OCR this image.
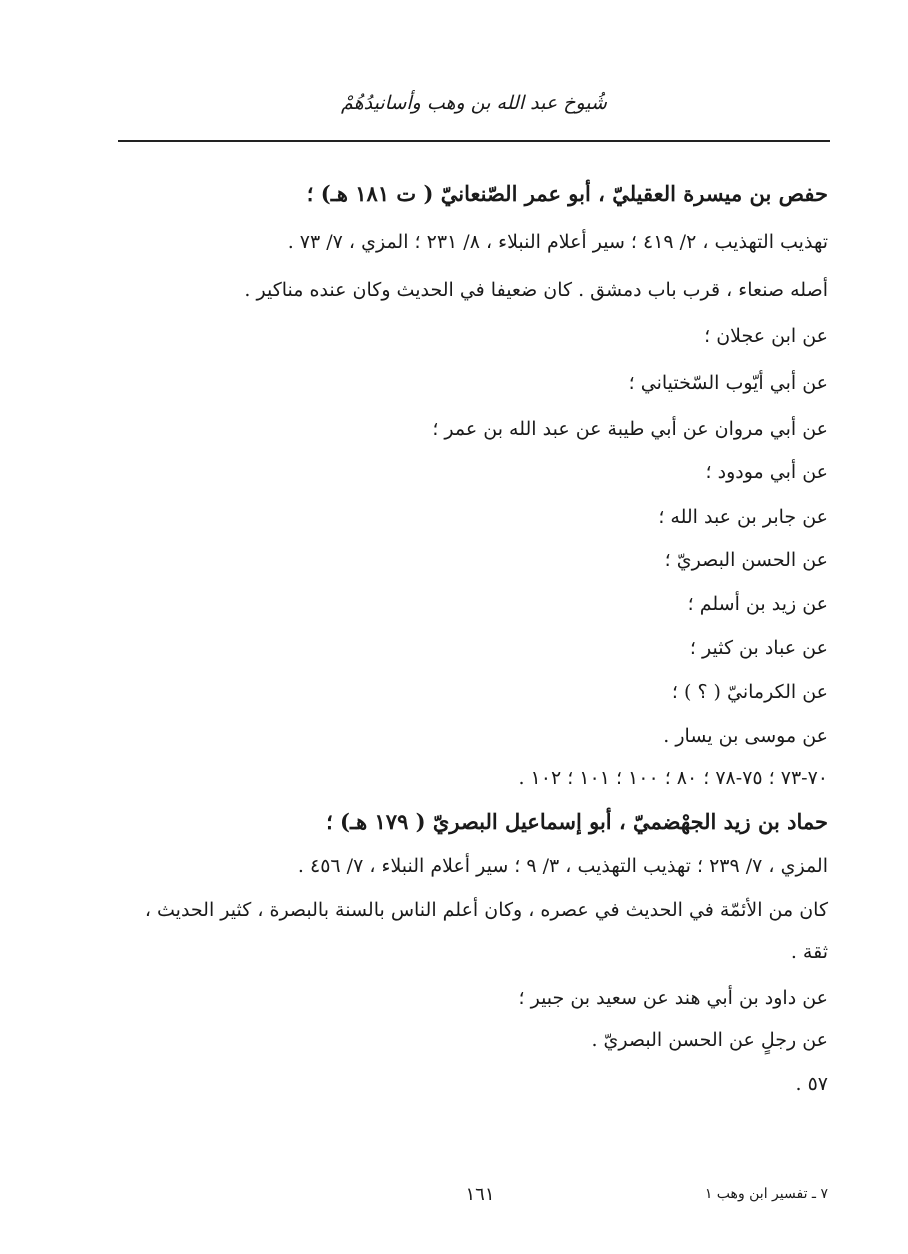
شُيوخ عبد الله بن وهب وأسانيدُهُمْ
حفص بن ميسرة العقيليّ ، أبو عمر الصّنعانيّ ( ت ١٨١ هـ) ؛
تهذيب التهذيب ، ٢/ ٤١٩ ؛ سير أعلام النبلاء ، ٨/ ٢٣١ ؛ المزي ، ٧/ ٧٣ .
أصله صنعاء ، قرب باب دمشق . كان ضعيفا في الحديث وكان عنده مناكير .
عن ابن عجلان ؛
عن أبي أيّوب السّختياني ؛
عن أبي مروان عن أبي طيبة عن عبد الله بن عمر ؛
عن أبي مودود ؛
عن جابر بن عبد الله ؛
عن الحسن البصريّ ؛
عن زيد بن أسلم ؛
عن عباد بن كثير ؛
عن الكرمانيّ ( ؟ ) ؛
عن موسى بن يسار .
٧٠-٧٣ ؛ ٧٥-٧٨ ؛ ٨٠ ؛ ١٠٠ ؛ ١٠١ ؛ ١٠٢ .
حماد بن زيد الجهْضميّ ، أبو إسماعيل البصريّ ( ١٧٩ هـ) ؛
المزي ، ٧/ ٢٣٩ ؛ تهذيب التهذيب ، ٣/ ٩ ؛ سير أعلام النبلاء ، ٧/ ٤٥٦ .
كان من الأئمّة في الحديث في عصره ، وكان أعلم الناس بالسنة بالبصرة ، كثير الحديث ،
ثقة .
عن داود بن أبي هند عن سعيد بن جبير ؛
عن رجلٍ عن الحسن البصريّ .
٥٧ .
١٦١	٧ ـ تفسير ابن وهب ١
